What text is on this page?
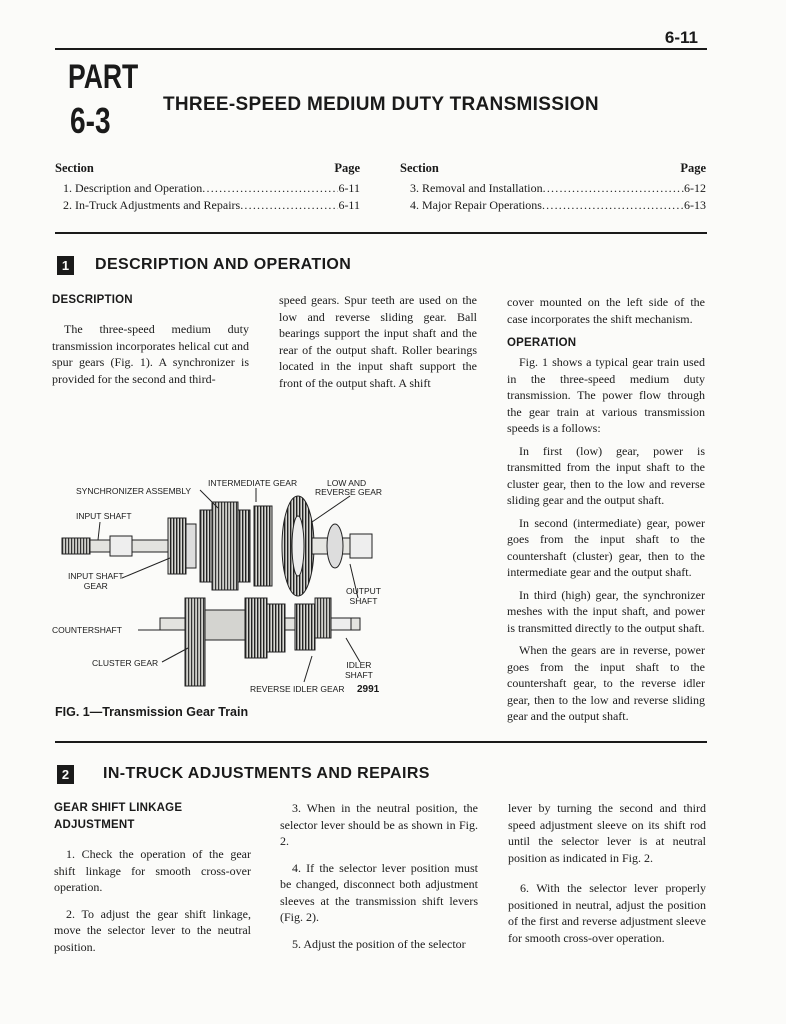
6-11
PART
6-3	THREE-SPEED MEDIUM DUTY TRANSMISSION
Section	Page
1. Description and Operation .....	6-11
2. In-Truck Adjustments and Repairs .....	6-11
Section	Page
3. Removal and Installation .....	6-12
4. Major Repair Operations .....	6-13
1	DESCRIPTION AND OPERATION
DESCRIPTION

The three-speed medium duty transmission incorporates helical cut and spur gears (Fig. 1). A synchronizer is provided for the second and third-

speed gears. Spur teeth are used on the low and reverse sliding gear. Ball bearings support the input shaft and the rear of the output shaft. Roller bearings located in the input shaft support the front of the output shaft. A shift

cover mounted on the left side of the case incorporates the shift mechanism.

OPERATION

Fig. 1 shows a typical gear train used in the three-speed medium duty transmission. The power flow through the gear train at various transmission speeds is a follows:

In first (low) gear, power is transmitted from the input shaft to the cluster gear, then to the low and reverse sliding gear and the output shaft.

In second (intermediate) gear, power goes from the input shaft to the countershaft (cluster) gear, then to the intermediate gear and the output shaft.

In third (high) gear, the synchronizer meshes with the input shaft, and power is transmitted directly to the output shaft.

When the gears are in reverse, power goes from the input shaft to the countershaft gear, to the reverse idler gear, then to the low and reverse sliding gear and the output shaft.

INTERMEDIATE GEAR	LOW AND
REVERSE GEAR
SYNCHRONIZER ASSEMBLY
INPUT SHAFT
INPUT SHAFT
GEAR	OUTPUT
SHAFT
COUNTERSHAFT
CLUSTER GEAR	IDLER
SHAFT
REVERSE IDLER GEAR 2991
FIG. 1—Transmission Gear Train
2	IN-TRUCK ADJUSTMENTS AND REPAIRS
GEAR SHIFT LINKAGE
ADJUSTMENT

1. Check the operation of the gear shift linkage for smooth cross-over operation.

2. To adjust the gear shift linkage, move the selector lever to the neutral position.

3. When in the neutral position, the selector lever should be as shown in Fig. 2.

4. If the selector lever position must be changed, disconnect both adjustment sleeves at the transmission shift levers (Fig. 2).

5. Adjust the position of the selector

lever by turning the second and third speed adjustment sleeve on its shift rod until the selector lever is at neutral position as indicated in Fig. 2.

6. With the selector lever properly positioned in neutral, adjust the position of the first and reverse adjustment sleeve for smooth cross-over operation.
